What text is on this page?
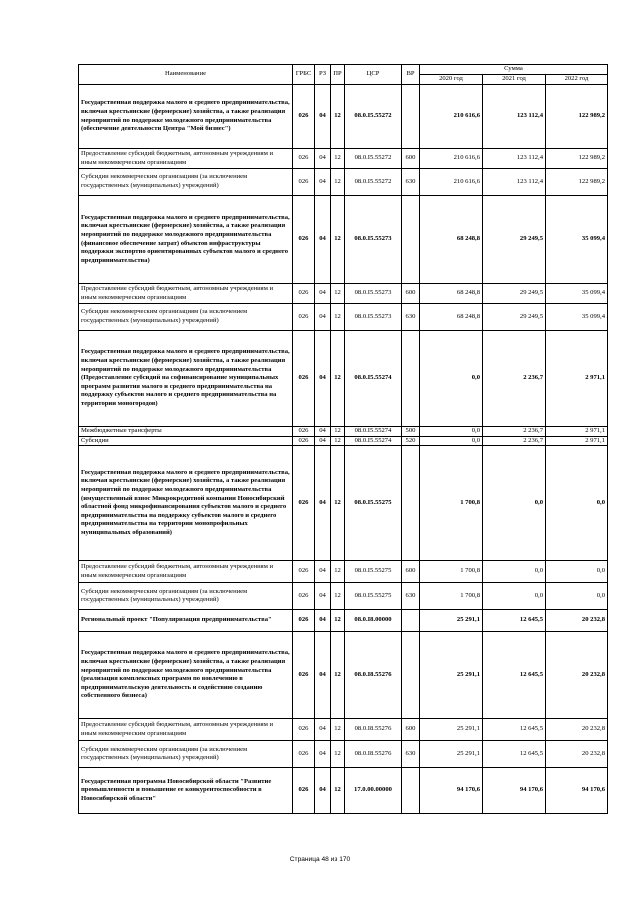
Наименование	ГРБС	РЗ	ПР	ЦСР	ВР	Сумма		
						2020 год	2021 год	2022 год
Государственная поддержка малого и среднего предпринимательства, включая крестьянские (фермерские) хозяйства, а также реализация мероприятий по поддержке молодежного предпринимательства (обеспечение деятельности Центра "Мой бизнес")	026	04	12	08.0.I5.55272		210 616,6	123 112,4	122 989,2
Предоставление субсидий бюджетным, автономным учреждениям и иным некоммерческим организациям	026	04	12	08.0.I5.55272	600	210 616,6	123 112,4	122 989,2
Субсидии некоммерческим организациям (за исключением государственных (муниципальных) учреждений)	026	04	12	08.0.I5.55272	630	210 616,6	123 112,4	122 989,2
Государственная поддержка малого и среднего предпринимательства, включая крестьянские (фермерские) хозяйства, а также реализация мероприятий по поддержке молодежного предпринимательства (финансовое обеспечение затрат) объектов инфраструктуры поддержки экспортно ориентированных субъектов малого и среднего предпринимательства)	026	04	12	08.0.I5.55273		68 248,8	29 249,5	35 099,4
Предоставление субсидий бюджетным, автономным учреждениям и иным некоммерческим организациям	026	04	12	08.0.I5.55273	600	68 248,8	29 249,5	35 099,4
Субсидии некоммерческим организациям (за исключением государственных (муниципальных) учреждений)	026	04	12	08.0.I5.55273	630	68 248,8	29 249,5	35 099,4
Государственная поддержка малого и среднего предпринимательства, включая крестьянские (фермерские) хозяйства, а также реализация мероприятий по поддержке молодежного предпринимательства (Предоставление субсидий на софинансирование муниципальных программ развития малого и среднего предпринимательства на поддержку субъектов малого и среднего предпринимательства на территории моногородов)	026	04	12	08.0.I5.55274		0,0	2 236,7	2 971,1
Межбюджетные трансферты	026	04	12	08.0.I5.55274	500	0,0	2 236,7	2 971,1
Субсидии	026	04	12	08.0.I5.55274	520	0,0	2 236,7	2 971,1
Государственная поддержка малого и среднего предпринимательства, включая крестьянские (фермерские) хозяйства, а также реализация мероприятий по поддержке молодежного предпринимательства (имущественный взнос Микрокредитной компании Новосибирский областной фонд микрофинансирования субъектов малого и среднего предпринимательства на поддержку субъектов малого и среднего предпринимательства на территории монопрофильных муниципальных образований)	026	04	12	08.0.I5.55275		1 700,8	0,0	0,0
Предоставление субсидий бюджетным, автономным учреждениям и иным некоммерческим организациям	026	04	12	08.0.I5.55275	600	1 700,8	0,0	0,0
Субсидии некоммерческим организациям (за исключением государственных (муниципальных) учреждений)	026	04	12	08.0.I5.55275	630	1 700,8	0,0	0,0
Региональный проект "Популяризация предпринимательства"	026	04	12	08.0.I8.00000		25 291,1	12 645,5	20 232,8
Государственная поддержка малого и среднего предпринимательства, включая крестьянские (фермерские) хозяйства, а также реализация мероприятий по поддержке молодежного предпринимательства (реализация комплексных программ по вовлечению в предпринимательскую деятельность и содействию созданию собственного бизнеса)	026	04	12	08.0.I8.55276		25 291,1	12 645,5	20 232,8
Предоставление субсидий бюджетным, автономным учреждениям и иным некоммерческим организациям	026	04	12	08.0.I8.55276	600	25 291,1	12 645,5	20 232,8
Субсидии некоммерческим организациям (за исключением государственных (муниципальных) учреждений)	026	04	12	08.0.I8.55276	630	25 291,1	12 645,5	20 232,8
Государственная программа Новосибирской области "Развитие промышленности и повышение ее конкурентоспособности в Новосибирской области"	026	04	12	17.0.00.00000		94 170,6	94 170,6	94 170,6
Страница 48 из 170
